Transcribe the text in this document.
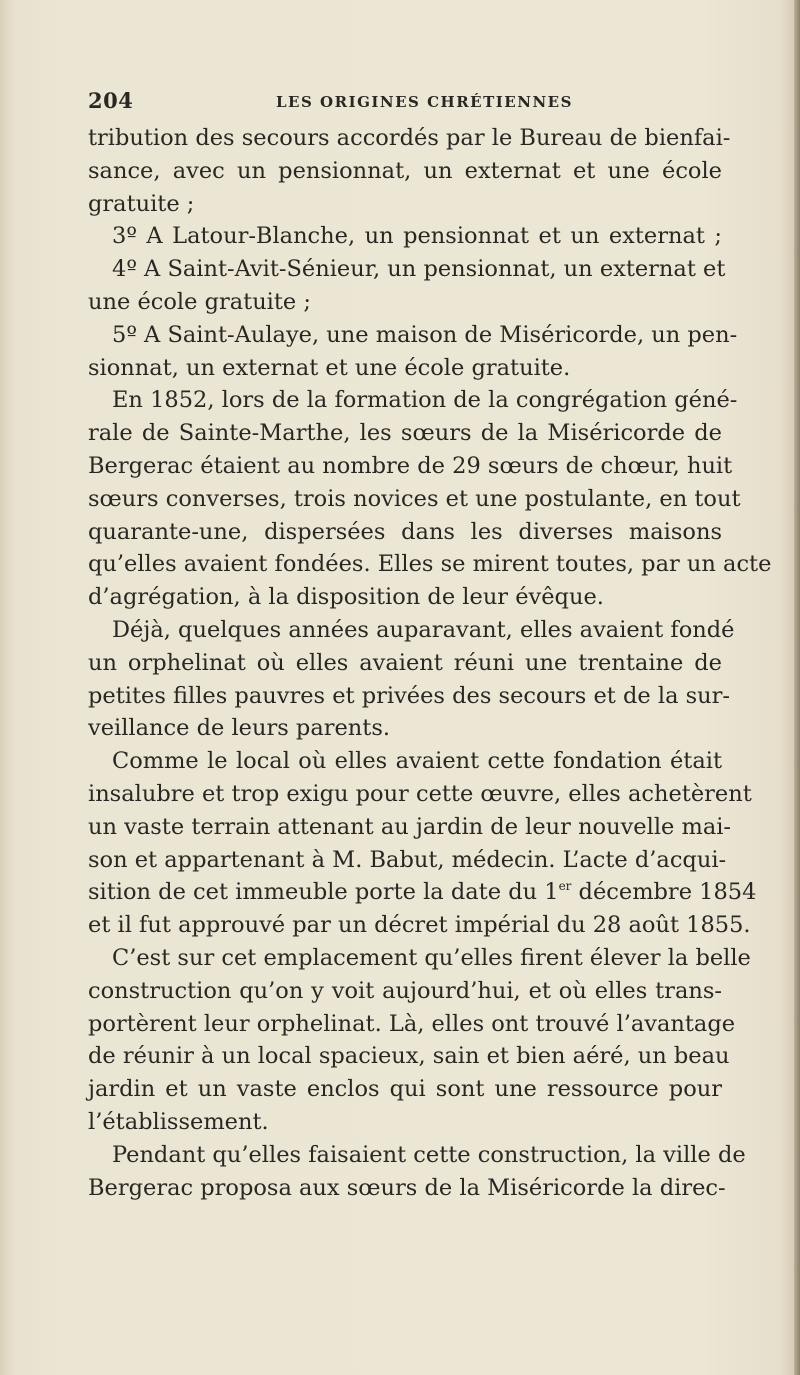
204	LES ORIGINES CHRÉTIENNES
tribution des secours accordés par le Bureau de bienfai-
sance, avec un pensionnat, un externat et une école
gratuite ;
3º A Latour-Blanche, un pensionnat et un externat ;
4º A Saint-Avit-Sénieur, un pensionnat, un externat et
une école gratuite ;
5º A Saint-Aulaye, une maison de Miséricorde, un pen-
sionnat, un externat et une école gratuite.
En 1852, lors de la formation de la congrégation géné-
rale de Sainte-Marthe, les sœurs de la Miséricorde de
Bergerac étaient au nombre de 29 sœurs de chœur, huit
sœurs converses, trois novices et une postulante, en tout
quarante-une, dispersées dans les diverses maisons
qu’elles avaient fondées. Elles se mirent toutes, par un acte
d’agrégation, à la disposition de leur évêque.
Déjà, quelques années auparavant, elles avaient fondé
un orphelinat où elles avaient réuni une trentaine de
petites filles pauvres et privées des secours et de la sur-
veillance de leurs parents.
Comme le local où elles avaient cette fondation était
insalubre et trop exigu pour cette œuvre, elles achetèrent
un vaste terrain attenant au jardin de leur nouvelle mai-
son et appartenant à M. Babut, médecin. L’acte d’acqui-
sition de cet immeuble porte la date du 1er décembre 1854
et il fut approuvé par un décret impérial du 28 août 1855.
C’est sur cet emplacement qu’elles firent élever la belle
construction qu’on y voit aujourd’hui, et où elles trans-
portèrent leur orphelinat. Là, elles ont trouvé l’avantage
de réunir à un local spacieux, sain et bien aéré, un beau
jardin et un vaste enclos qui sont une ressource pour
l’établissement.
Pendant qu’elles faisaient cette construction, la ville de
Bergerac proposa aux sœurs de la Miséricorde la direc-
